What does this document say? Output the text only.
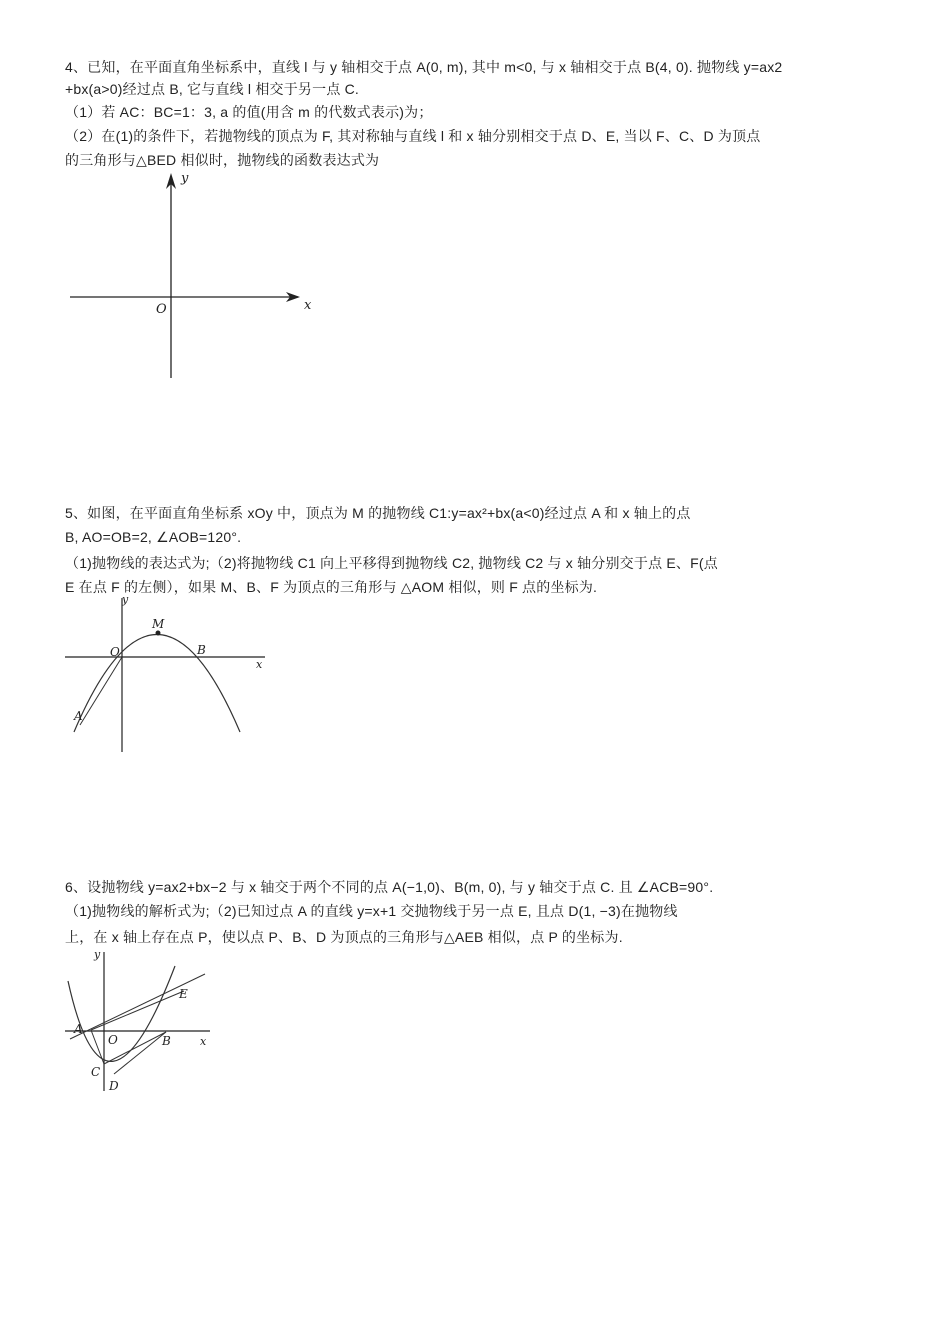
4、已知，在平面直角坐标系中，直线 l 与 y 轴相交于点 A(0, m), 其中 m<0, 与 x 轴相交于点 B(4, 0). 抛物线 y=ax2
+bx(a>0)经过点 B, 它与直线 l 相交于另一点 C.
（1）若 AC：BC=1：3, a 的值(用含 m 的代数式表示)为；
（2）在(1)的条件下，若抛物线的顶点为 F, 其对称轴与直线 l 和 x 轴分别相交于点 D、E, 当以 F、C、D 为顶点
的三角形与△BED 相似时，抛物线的函数表达式为
y
x
O
5、如图，在平面直角坐标系 xOy 中，顶点为 M 的抛物线 C1:y=ax²+bx(a<0)经过点 A 和 x 轴上的点
B, AO=OB=2, ∠AOB=120°.
（1)抛物线的表达式为;（2)将抛物线 C1 向上平移得到抛物线 C2, 抛物线 C2 与 x 轴分别交于点 E、F(点
E 在点 F 的左侧），如果 M、B、F 为顶点的三角形与 △AOM 相似，则 F 点的坐标为.
y
x
O
M
B
A
6、设抛物线 y=ax2+bx−2 与 x 轴交于两个不同的点 A(−1,0)、B(m, 0), 与 y 轴交于点 C. 且 ∠ACB=90°.
（1)抛物线的解析式为;（2)已知过点 A 的直线 y=x+1 交抛物线于另一点 E, 且点 D(1, −3)在抛物线
上，在 x 轴上存在点 P，使以点 P、B、D 为顶点的三角形与△AEB 相似，点 P 的坐标为.
y
x
O
A
B
C
D
E
